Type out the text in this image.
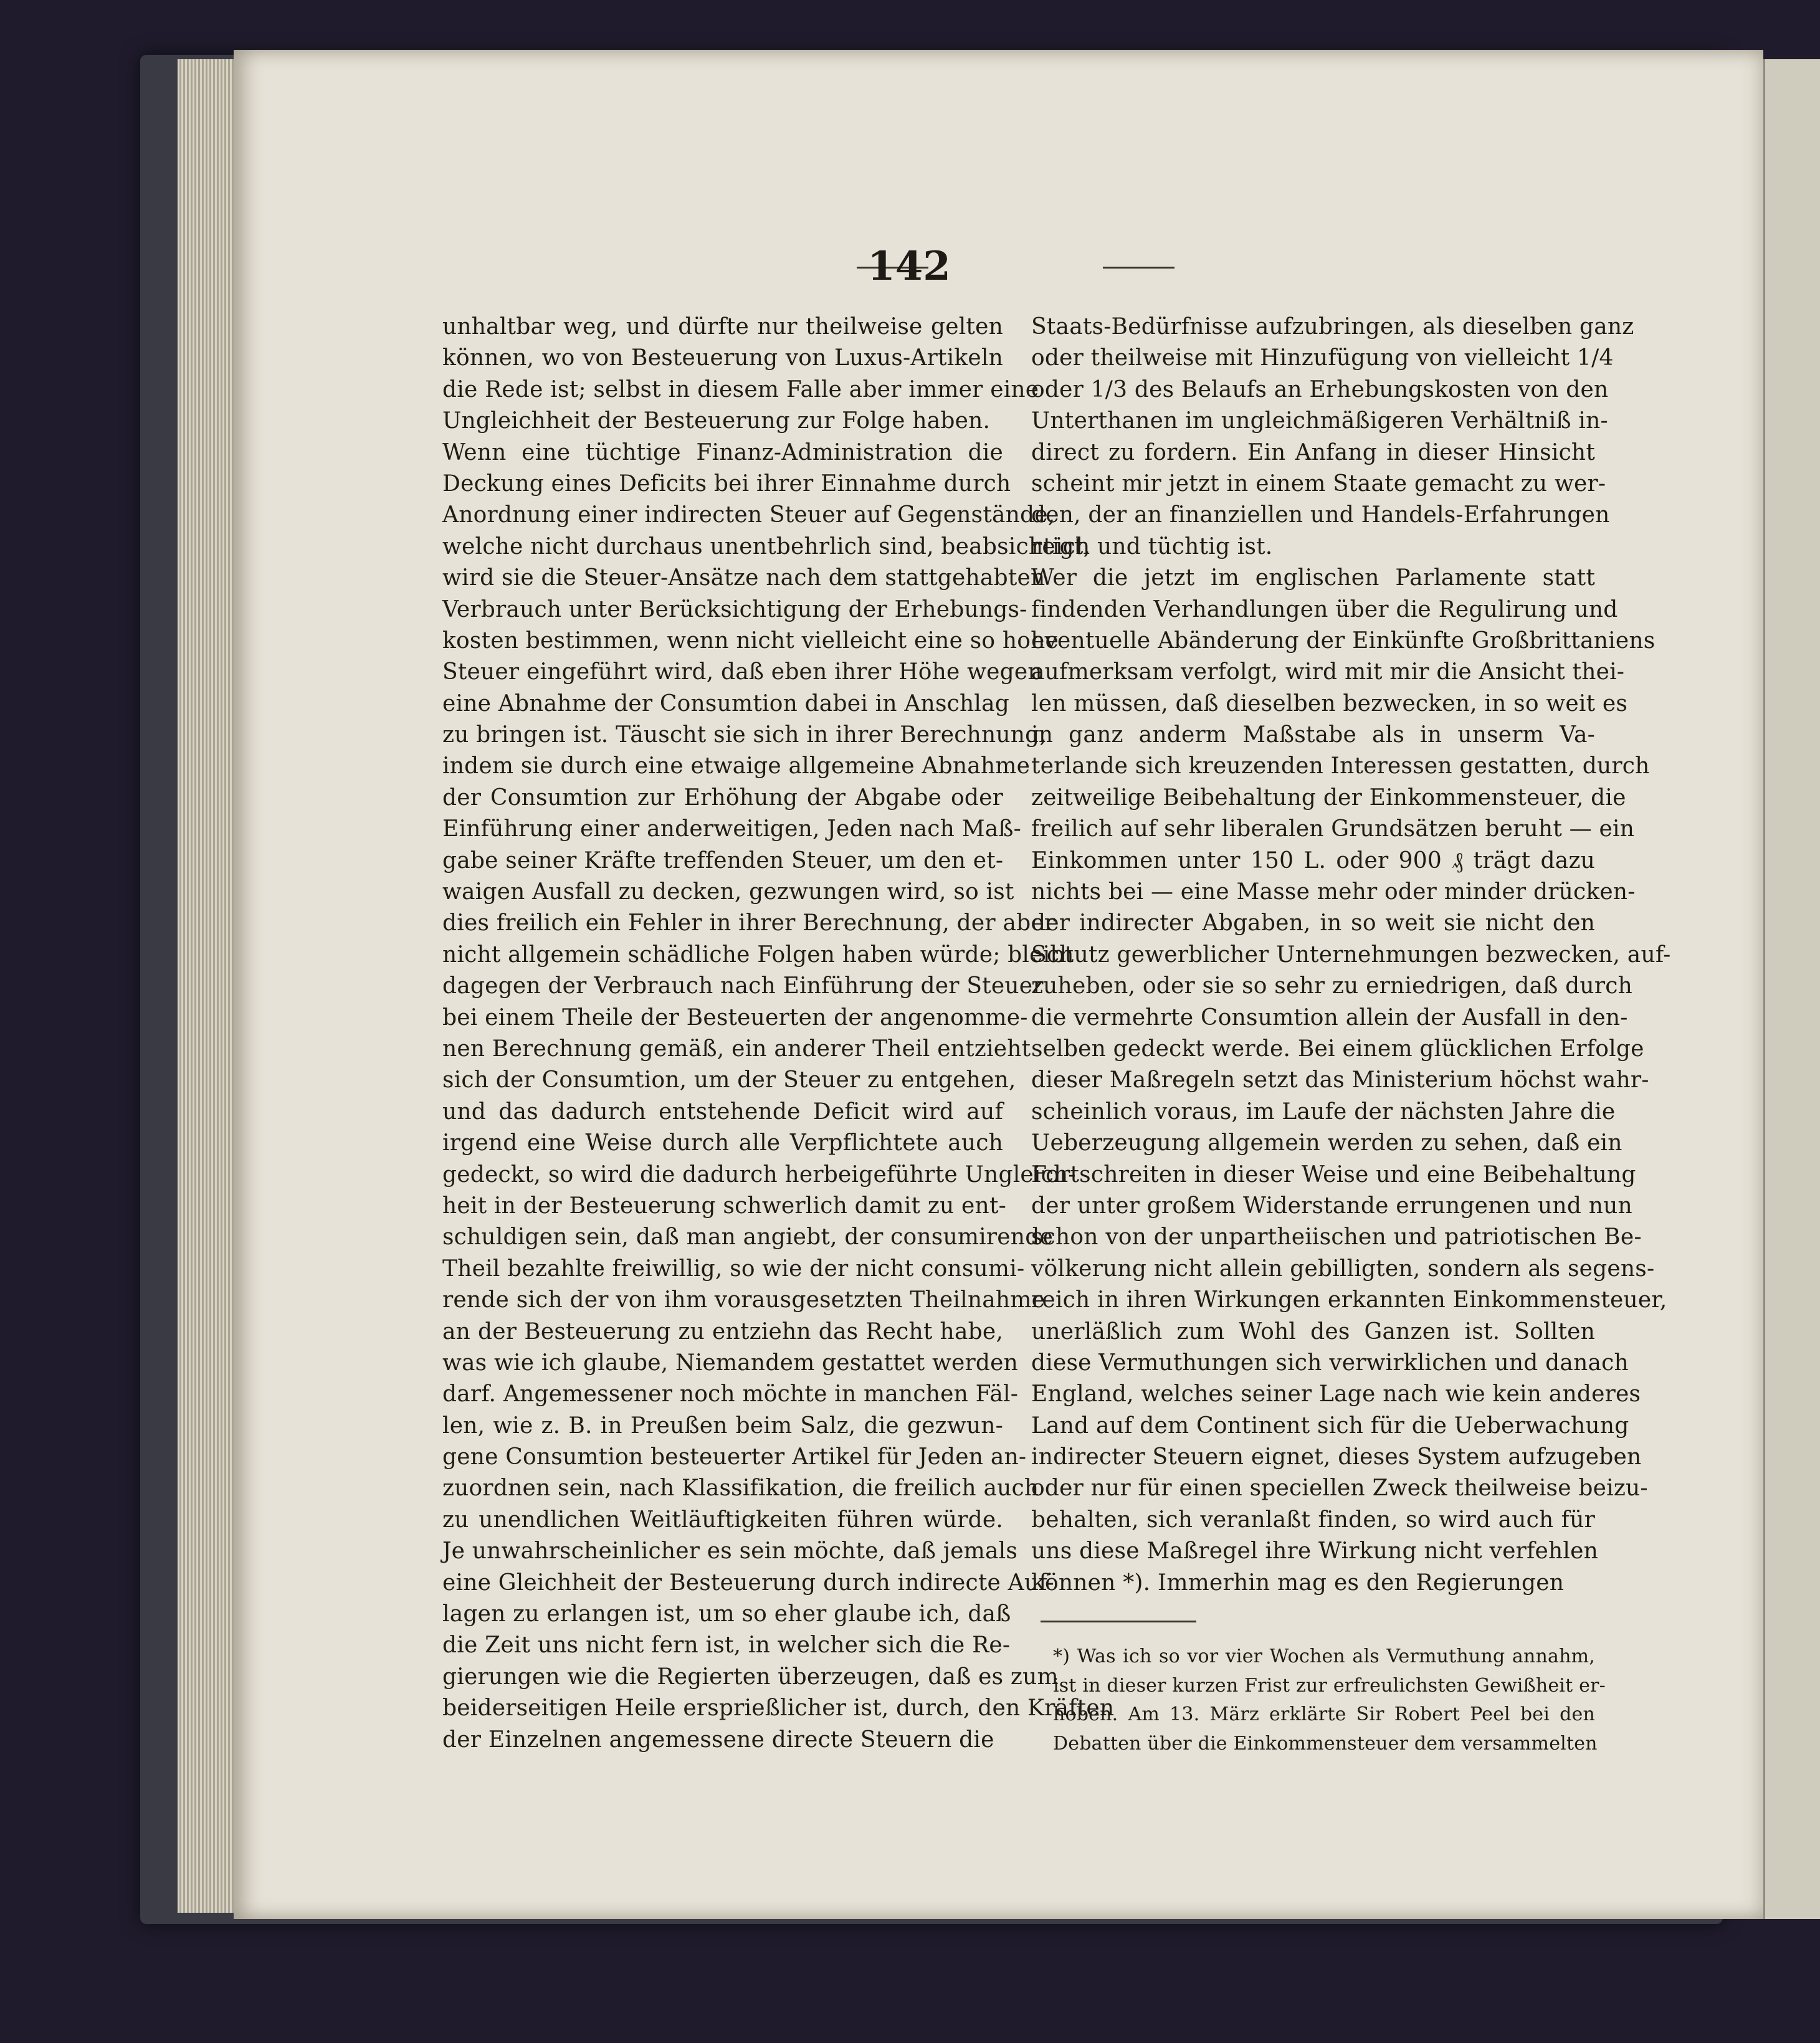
142
unhaltbar weg, und dürfte nur theilweise gelten
können, wo von Besteuerung von Luxus-Artikeln
die Rede ist; selbst in diesem Falle aber immer eine
Ungleichheit der Besteuerung zur Folge haben.
Wenn eine tüchtige Finanz-Administration die
Deckung eines Deficits bei ihrer Einnahme durch
Anordnung einer indirecten Steuer auf Gegenstände,
welche nicht durchaus unentbehrlich sind, beabsichtigt,
wird sie die Steuer-Ansätze nach dem stattgehabten
Verbrauch unter Berücksichtigung der Erhebungs-
kosten bestimmen, wenn nicht vielleicht eine so hohe
Steuer eingeführt wird, daß eben ihrer Höhe wegen
eine Abnahme der Consumtion dabei in Anschlag
zu bringen ist. Täuscht sie sich in ihrer Berechnung,
indem sie durch eine etwaige allgemeine Abnahme
der Consumtion zur Erhöhung der Abgabe oder
Einführung einer anderweitigen, Jeden nach Maß-
gabe seiner Kräfte treffenden Steuer, um den et-
waigen Ausfall zu decken, gezwungen wird, so ist
dies freilich ein Fehler in ihrer Berechnung, der aber
nicht allgemein schädliche Folgen haben würde; bleibt
dagegen der Verbrauch nach Einführung der Steuer
bei einem Theile der Besteuerten der angenomme-
nen Berechnung gemäß, ein anderer Theil entzieht
sich der Consumtion, um der Steuer zu entgehen,
und das dadurch entstehende Deficit wird auf
irgend eine Weise durch alle Verpflichtete auch
gedeckt, so wird die dadurch herbeigeführte Ungleich-
heit in der Besteuerung schwerlich damit zu ent-
schuldigen sein, daß man angiebt, der consumirende
Theil bezahlte freiwillig, so wie der nicht consumi-
rende sich der von ihm vorausgesetzten Theilnahme
an der Besteuerung zu entziehn das Recht habe,
was wie ich glaube, Niemandem gestattet werden
darf. Angemessener noch möchte in manchen Fäl-
len, wie z. B. in Preußen beim Salz, die gezwun-
gene Consumtion besteuerter Artikel für Jeden an-
zuordnen sein, nach Klassifikation, die freilich auch
zu unendlichen Weitläuftigkeiten führen würde.
Je unwahrscheinlicher es sein möchte, daß jemals
eine Gleichheit der Besteuerung durch indirecte Auf-
lagen zu erlangen ist, um so eher glaube ich, daß
die Zeit uns nicht fern ist, in welcher sich die Re-
gierungen wie die Regierten überzeugen, daß es zum
beiderseitigen Heile ersprießlicher ist, durch, den Kräften
der Einzelnen angemessene directe Steuern die
Staats-Bedürfnisse aufzubringen, als dieselben ganz
oder theilweise mit Hinzufügung von vielleicht 1/4
oder 1/3 des Belaufs an Erhebungskosten von den
Unterthanen im ungleichmäßigeren Verhältniß in-
direct zu fordern. Ein Anfang in dieser Hinsicht
scheint mir jetzt in einem Staate gemacht zu wer-
den, der an finanziellen und Handels-Erfahrungen
reich und tüchtig ist.
Wer die jetzt im englischen Parlamente statt
findenden Verhandlungen über die Regulirung und
eventuelle Abänderung der Einkünfte Großbrittaniens
aufmerksam verfolgt, wird mit mir die Ansicht thei-
len müssen, daß dieselben bezwecken, in so weit es
in ganz anderm Maßstabe als in unserm Va-
terlande sich kreuzenden Interessen gestatten, durch
zeitweilige Beibehaltung der Einkommensteuer, die
freilich auf sehr liberalen Grundsätzen beruht — ein
Einkommen unter 150 L. oder 900 ₰ trägt dazu
nichts bei — eine Masse mehr oder minder drücken-
der indirecter Abgaben, in so weit sie nicht den
Schutz gewerblicher Unternehmungen bezwecken, auf-
zuheben, oder sie so sehr zu erniedrigen, daß durch
die vermehrte Consumtion allein der Ausfall in den-
selben gedeckt werde. Bei einem glücklichen Erfolge
dieser Maßregeln setzt das Ministerium höchst wahr-
scheinlich voraus, im Laufe der nächsten Jahre die
Ueberzeugung allgemein werden zu sehen, daß ein
Fortschreiten in dieser Weise und eine Beibehaltung
der unter großem Widerstande errungenen und nun
schon von der unpartheiischen und patriotischen Be-
völkerung nicht allein gebilligten, sondern als segens-
reich in ihren Wirkungen erkannten Einkommensteuer,
unerläßlich zum Wohl des Ganzen ist. Sollten
diese Vermuthungen sich verwirklichen und danach
England, welches seiner Lage nach wie kein anderes
Land auf dem Continent sich für die Ueberwachung
indirecter Steuern eignet, dieses System aufzugeben
oder nur für einen speciellen Zweck theilweise beizu-
behalten, sich veranlaßt finden, so wird auch für
uns diese Maßregel ihre Wirkung nicht verfehlen
können *). Immerhin mag es den Regierungen
*) Was ich so vor vier Wochen als Vermuthung annahm,
ist in dieser kurzen Frist zur erfreulichsten Gewißheit er-
hoben. Am 13. März erklärte Sir Robert Peel bei den
Debatten über die Einkommensteuer dem versammelten
